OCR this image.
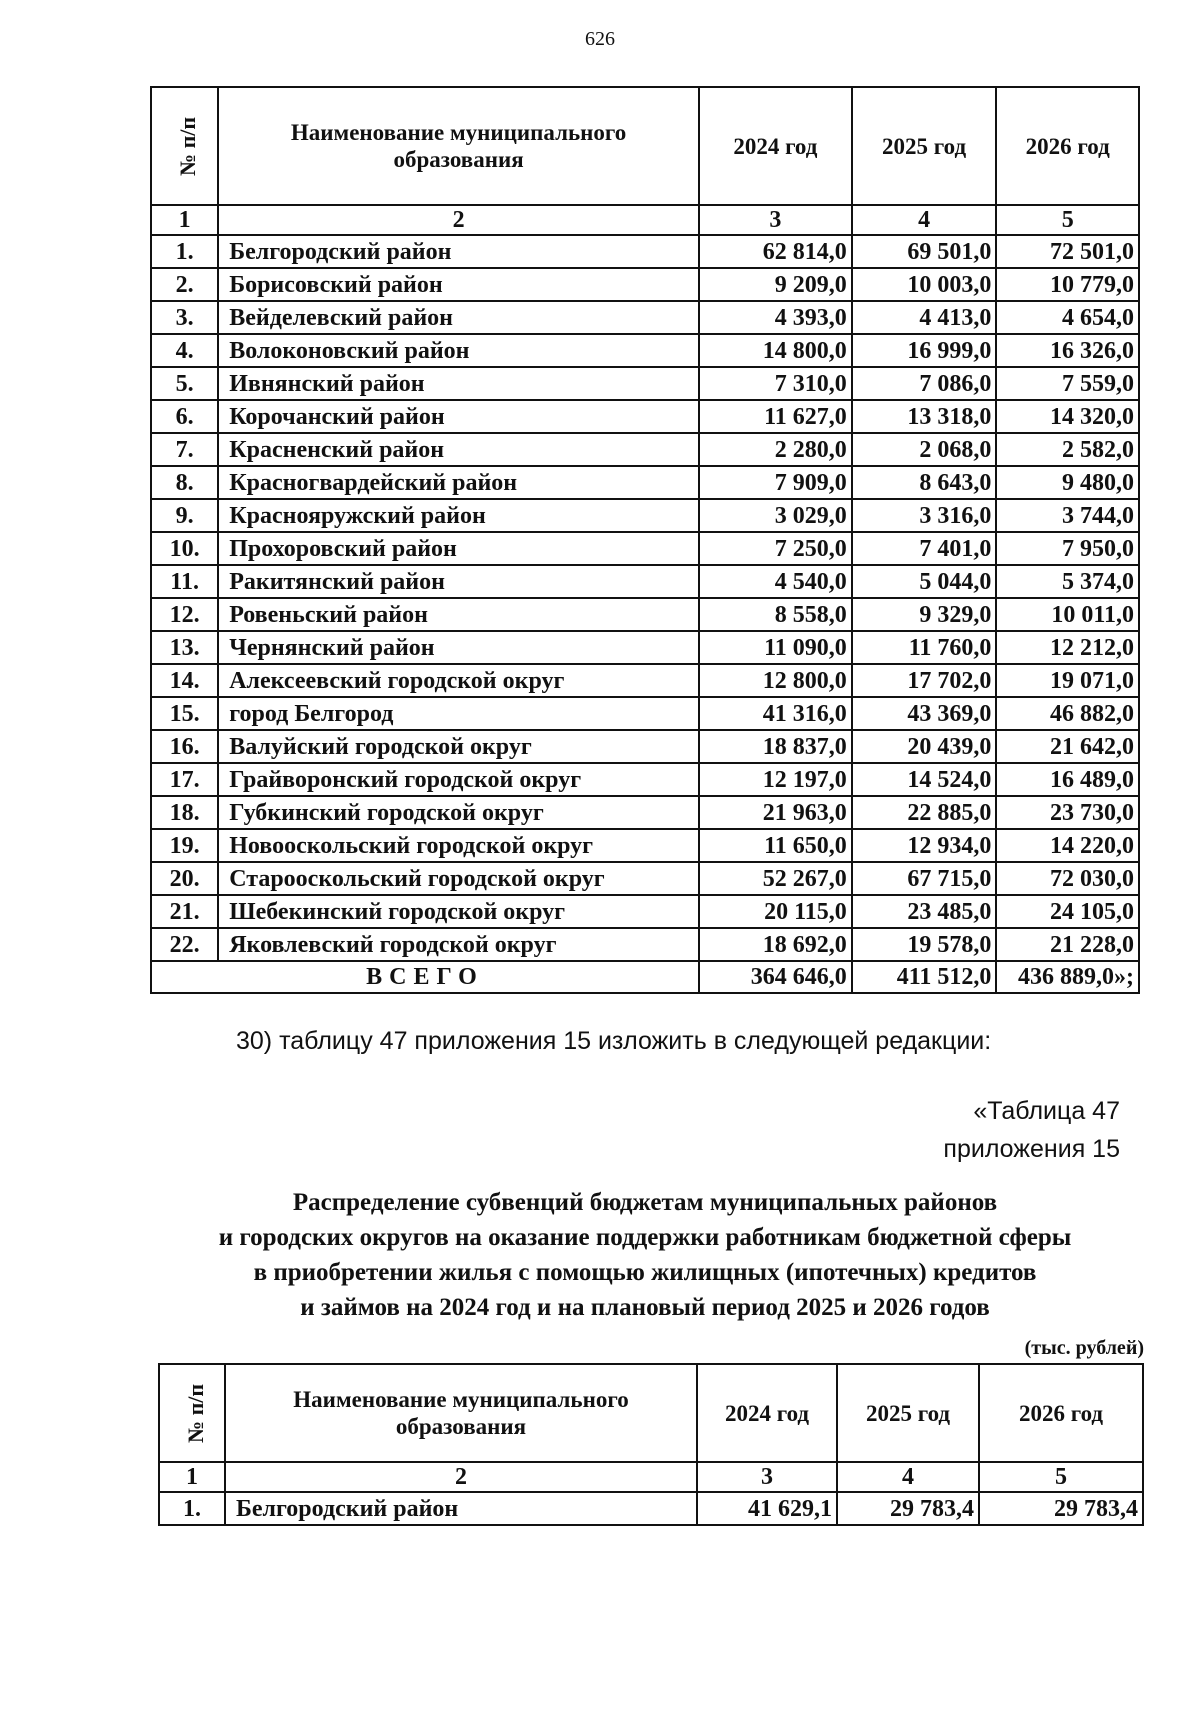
626
№ п/п	Наименование муниципального образования	2024 год	2025 год	2026 год
1	2	3	4	5
1.	Белгородский район	62 814,0	69 501,0	72 501,0
2.	Борисовский район	9 209,0	10 003,0	10 779,0
3.	Вейделевский район	4 393,0	4 413,0	4 654,0
4.	Волоконовский район	14 800,0	16 999,0	16 326,0
5.	Ивнянский район	7 310,0	7 086,0	7 559,0
6.	Корочанский район	11 627,0	13 318,0	14 320,0
7.	Красненский район	2 280,0	2 068,0	2 582,0
8.	Красногвардейский район	7 909,0	8 643,0	9 480,0
9.	Краснояружский район	3 029,0	3 316,0	3 744,0
10.	Прохоровский район	7 250,0	7 401,0	7 950,0
11.	Ракитянский район	4 540,0	5 044,0	5 374,0
12.	Ровеньский район	8 558,0	9 329,0	10 011,0
13.	Чернянский район	11 090,0	11 760,0	12 212,0
14.	Алексеевский городской округ	12 800,0	17 702,0	19 071,0
15.	город Белгород	41 316,0	43 369,0	46 882,0
16.	Валуйский городской округ	18 837,0	20 439,0	21 642,0
17.	Грайворонский городской округ	12 197,0	14 524,0	16 489,0
18.	Губкинский городской округ	21 963,0	22 885,0	23 730,0
19.	Новооскольский городской округ	11 650,0	12 934,0	14 220,0
20.	Старооскольский городской округ	52 267,0	67 715,0	72 030,0
21.	Шебекинский городской округ	20 115,0	23 485,0	24 105,0
22.	Яковлевский городской округ	18 692,0	19 578,0	21 228,0
ВСЕГО		364 646,0	411 512,0	436 889,0»;
30) таблицу 47 приложения 15 изложить в следующей редакции:
«Таблица 47
приложения 15
Распределение субвенций бюджетам муниципальных районов
и городских округов на оказание поддержки работникам бюджетной сферы
в приобретении жилья с помощью жилищных (ипотечных) кредитов
и займов на 2024 год и на плановый период 2025 и 2026 годов
(тыс. рублей)
№ п/п	Наименование муниципального образования	2024 год	2025 год	2026 год
1	2	3	4	5
1.	Белгородский район	41 629,1	29 783,4	29 783,4
